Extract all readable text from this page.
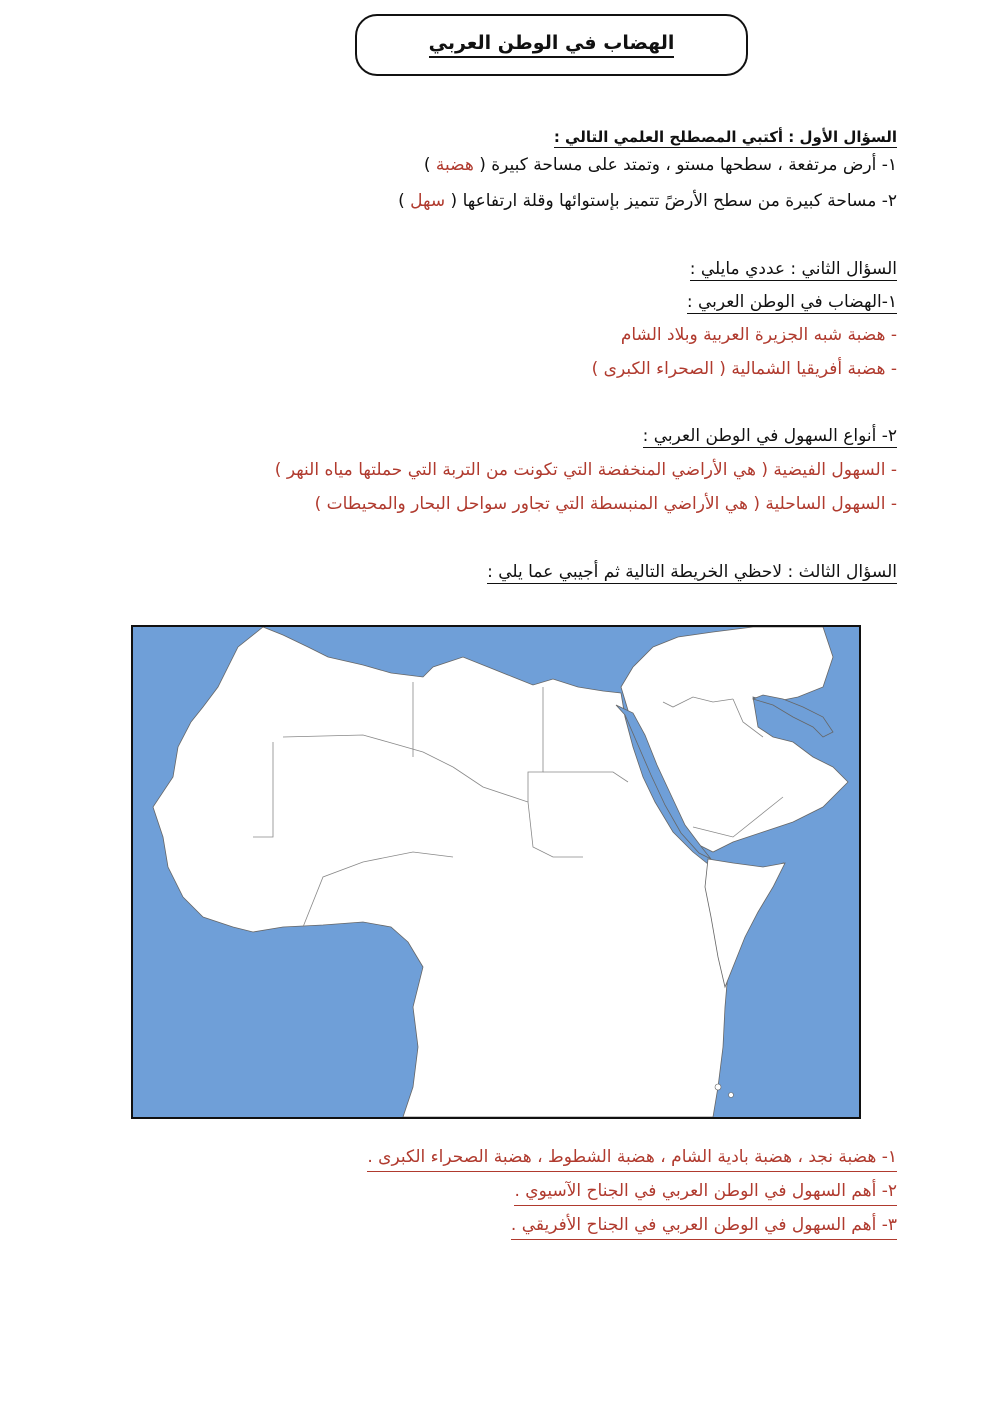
الهضاب في الوطن العربي
السؤال الأول : أكتبي المصطلح العلمي التالي :
١- أرض مرتفعة ، سطحها مستو ، وتمتد على مساحة كبيرة ( هضبة )
٢- مساحة كبيرة من سطح الأرضً تتميز بإستوائها وقلة ارتفاعها ( سهل )
السؤال الثاني : عددي مايلي :
١-الهضاب في الوطن العربي :
- هضبة شبه الجزيرة العربية وبلاد الشام
- هضبة أفريقيا الشمالية ( الصحراء الكبرى )
٢- أنواع السهول في الوطن العربي :
- السهول الفيضية ( هي الأراضي المنخفضة التي تكونت من التربة التي حملتها مياه النهر )
- السهول الساحلية ( هي الأراضي المنبسطة التي تجاور سواحل البحار والمحيطات )
السؤال الثالث : لاحظي الخريطة التالية ثم أجيبي عما يلي :
١- هضبة نجد ، هضبة بادية الشام ، هضبة الشطوط ، هضبة الصحراء الكبرى .
٢- أهم السهول في الوطن العربي في الجناح الآسيوي .
٣- أهم السهول في الوطن العربي في الجناح الأفريقي .
